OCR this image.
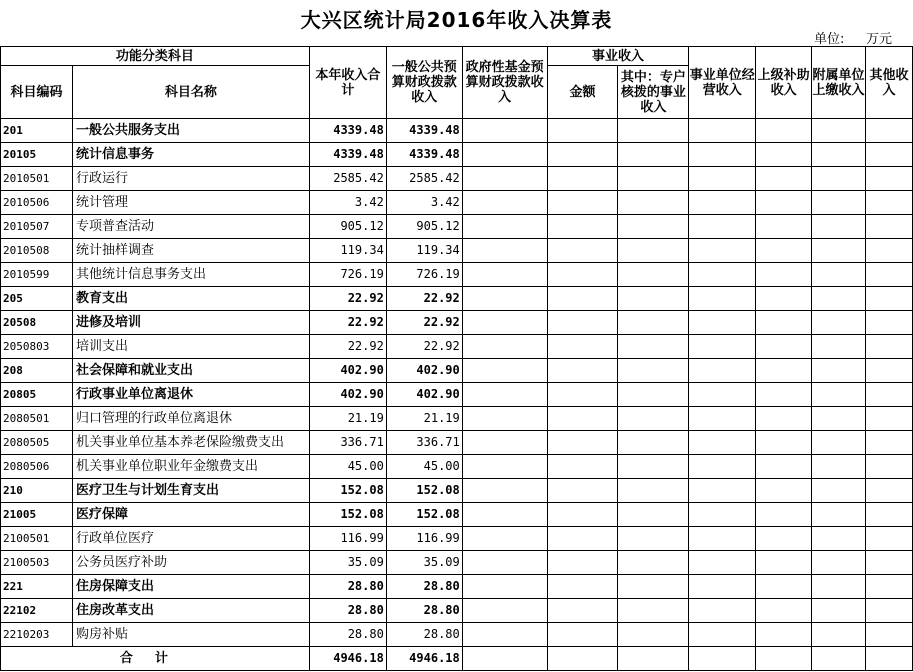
大兴区统计局2016年收入决算表
单位: 万元
功能分类科目		本年收入合计	一般公共预算财政拨款收入	政府性基金预算财政拨款收入	事业收入		事业单位经营收入	上级补助收入	附属单位上缴收入	其他收入
科目编码	科目名称				金额	其中：专户核拨的事业收入				
201	一般公共服务支出	4339.48	4339.48							
20105	统计信息事务	4339.48	4339.48							
2010501	行政运行	2585.42	2585.42							
2010506	统计管理	3.42	3.42							
2010507	专项普查活动	905.12	905.12							
2010508	统计抽样调查	119.34	119.34							
2010599	其他统计信息事务支出	726.19	726.19							
205	教育支出	22.92	22.92							
20508	进修及培训	22.92	22.92							
2050803	培训支出	22.92	22.92							
208	社会保障和就业支出	402.90	402.90							
20805	行政事业单位离退休	402.90	402.90							
2080501	归口管理的行政单位离退休	21.19	21.19							
2080505	机关事业单位基本养老保险缴费支出	336.71	336.71							
2080506	机关事业单位职业年金缴费支出	45.00	45.00							
210	医疗卫生与计划生育支出	152.08	152.08							
21005	医疗保障	152.08	152.08							
2100501	行政单位医疗	116.99	116.99							
2100503	公务员医疗补助	35.09	35.09							
221	住房保障支出	28.80	28.80							
22102	住房改革支出	28.80	28.80							
2210203	购房补贴	28.80	28.80							
合计		4946.18	4946.18							
